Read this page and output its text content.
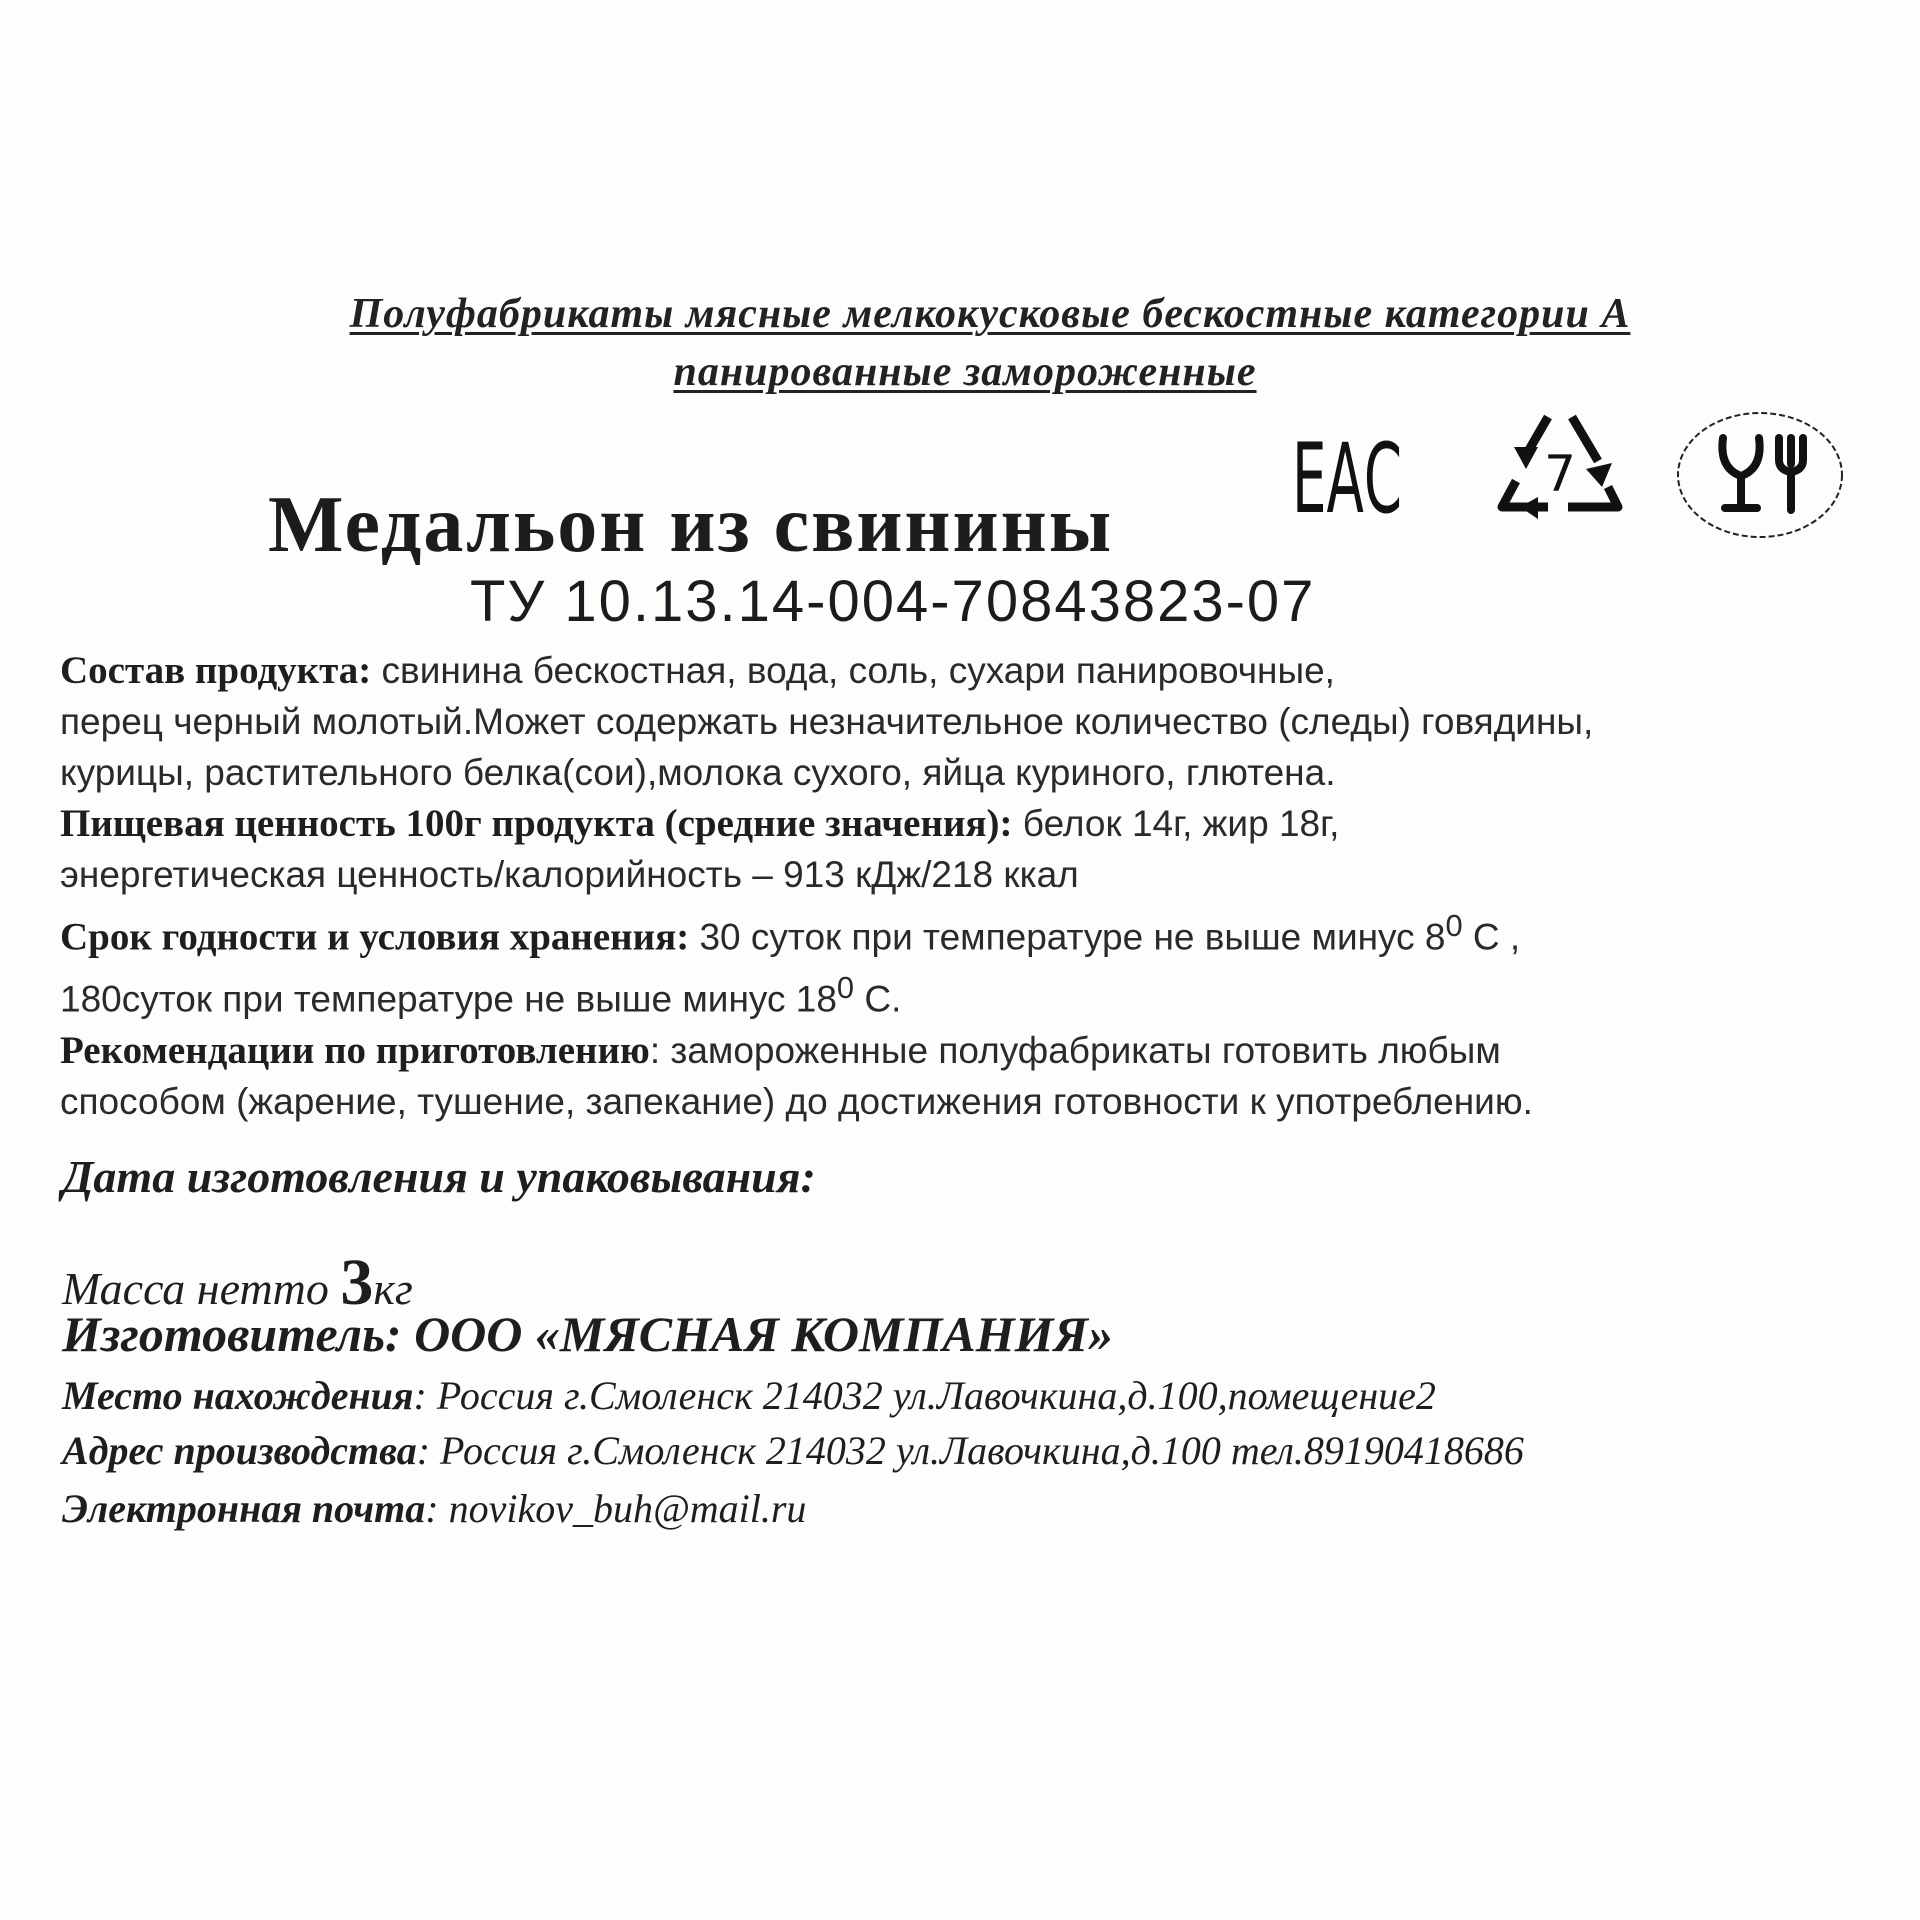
Полуфабрикаты мясные мелкокусковые бескостные категории А
панированные замороженные
Медальон из свинины
ТУ 10.13.14-004-70843823-07
ЕАС	7
Состав продукта: свинина бескостная, вода, соль, сухари панировочные,
перец черный молотый.Может содержать незначительное количество (следы) говядины,
курицы, растительного белка(сои),молока сухого, яйца куриного, глютена.
Пищевая ценность 100г продукта (средние значения): белок 14г, жир 18г,
энергетическая ценность/калорийность – 913 кДж/218 ккал
Срок годности и условия хранения: 30 суток при температуре не выше минус $8^0$ С ,
180суток при температуре не выше минус $18^0$ С.
Рекомендации по приготовлению: замороженные полуфабрикаты готовить любым
способом (жарение, тушение, запекание) до достижения готовности к употреблению.
Дата изготовления и упаковывания:
Масса нетто 3кг
Изготовитель: ООО «МЯСНАЯ КОМПАНИЯ»
Место нахождения: Россия г.Смоленск 214032 ул.Лавочкина,д.100,помещение2
Адрес производства: Россия г.Смоленск 214032 ул.Лавочкина,д.100 тел.89190418686
Электронная почта: novikov_buh@mail.ru
